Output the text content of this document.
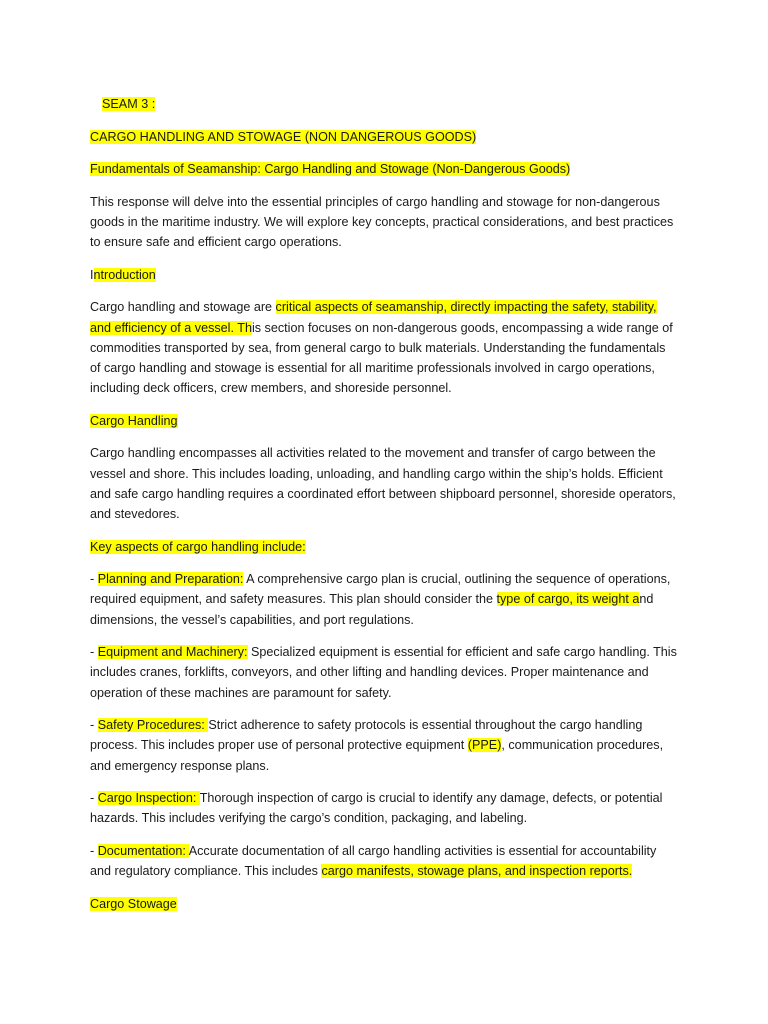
SEAM 3 :

CARGO HANDLING AND STOWAGE (NON DANGEROUS GOODS)

Fundamentals of Seamanship: Cargo Handling and Stowage (Non-Dangerous Goods)

This response will delve into the essential principles of cargo handling and stowage for non-dangerous goods in the maritime industry. We will explore key concepts, practical considerations, and best practices to ensure safe and efficient cargo operations.

Introduction

Cargo handling and stowage are critical aspects of seamanship, directly impacting the safety, stability, and efficiency of a vessel. This section focuses on non-dangerous goods, encompassing a wide range of commodities transported by sea, from general cargo to bulk materials. Understanding the fundamentals of cargo handling and stowage is essential for all maritime professionals involved in cargo operations, including deck officers, crew members, and shoreside personnel.

Cargo Handling

Cargo handling encompasses all activities related to the movement and transfer of cargo between the vessel and shore. This includes loading, unloading, and handling cargo within the ship’s holds. Efficient and safe cargo handling requires a coordinated effort between shipboard personnel, shoreside operators, and stevedores.

Key aspects of cargo handling include:

- Planning and Preparation: A comprehensive cargo plan is crucial, outlining the sequence of operations, required equipment, and safety measures. This plan should consider the type of cargo, its weight and dimensions, the vessel’s capabilities, and port regulations.

- Equipment and Machinery: Specialized equipment is essential for efficient and safe cargo handling. This includes cranes, forklifts, conveyors, and other lifting and handling devices. Proper maintenance and operation of these machines are paramount for safety.

- Safety Procedures: Strict adherence to safety protocols is essential throughout the cargo handling process. This includes proper use of personal protective equipment (PPE), communication procedures, and emergency response plans.

- Cargo Inspection: Thorough inspection of cargo is crucial to identify any damage, defects, or potential hazards. This includes verifying the cargo’s condition, packaging, and labeling.

- Documentation: Accurate documentation of all cargo handling activities is essential for accountability and regulatory compliance. This includes cargo manifests, stowage plans, and inspection reports.

Cargo Stowage
